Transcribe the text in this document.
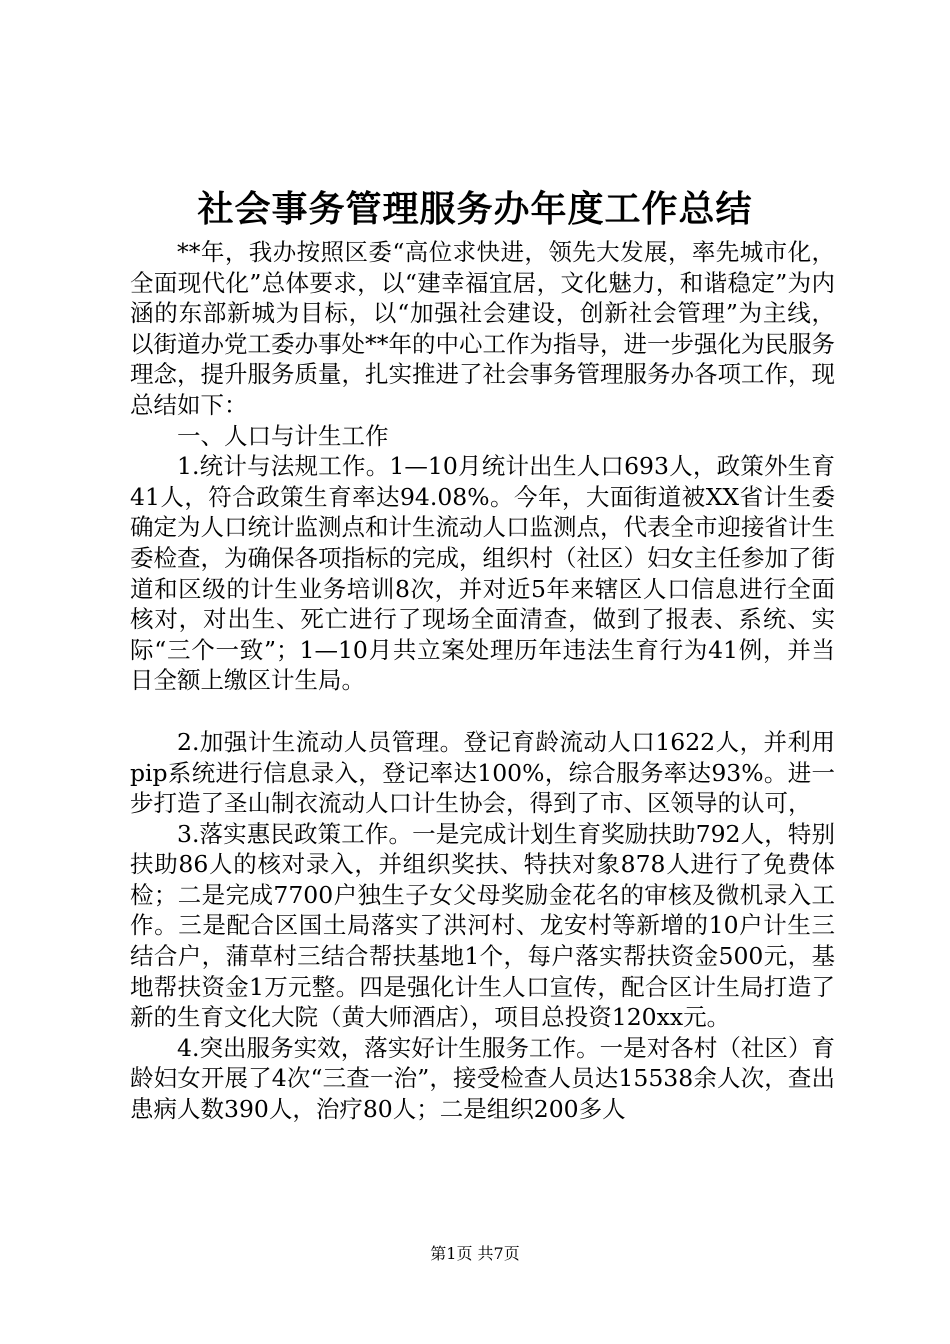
社会事务管理服务办年度工作总结

**年，我办按照区委“高位求快进，领先大发展，率先城市化，全面现代化”总体要求，以“建幸福宜居，文化魅力，和谐稳定”为内涵的东部新城为目标，以“加强社会建设，创新社会管理”为主线，以街道办党工委办事处**年的中心工作为指导，进一步强化为民服务理念，提升服务质量，扎实推进了社会事务管理服务办各项工作，现总结如下：

一、人口与计生工作

1.统计与法规工作。1—10月统计出生人口693人，政策外生育41人，符合政策生育率达94.08%。今年，大面街道被XX省计生委确定为人口统计监测点和计生流动人口监测点，代表全市迎接省计生委检查，为确保各项指标的完成，组织村（社区）妇女主任参加了街道和区级的计生业务培训8次，并对近5年来辖区人口信息进行全面核对，对出生、死亡进行了现场全面清查，做到了报表、系统、实际“三个一致”；1—10月共立案处理历年违法生育行为41例，并当日全额上缴区计生局。

2.加强计生流动人员管理。登记育龄流动人口1622人，并利用pip系统进行信息录入，登记率达100%，综合服务率达93%。进一步打造了圣山制衣流动人口计生协会，得到了市、区领导的认可，

3.落实惠民政策工作。一是完成计划生育奖励扶助792人，特别扶助86人的核对录入，并组织奖扶、特扶对象878人进行了免费体检；二是完成7700户独生子女父母奖励金花名的审核及微机录入工作。三是配合区国土局落实了洪河村、龙安村等新增的10户计生三结合户，蒲草村三结合帮扶基地1个，每户落实帮扶资金500元，基地帮扶资金1万元整。四是强化计生人口宣传，配合区计生局打造了新的生育文化大院（黄大师酒店），项目总投资120xx元。

4.突出服务实效，落实好计生服务工作。一是对各村（社区）育龄妇女开展了4次“三查一治”，接受检查人员达15538余人次，查出患病人数390人，治疗80人；二是组织200多人

第1页 共7页
